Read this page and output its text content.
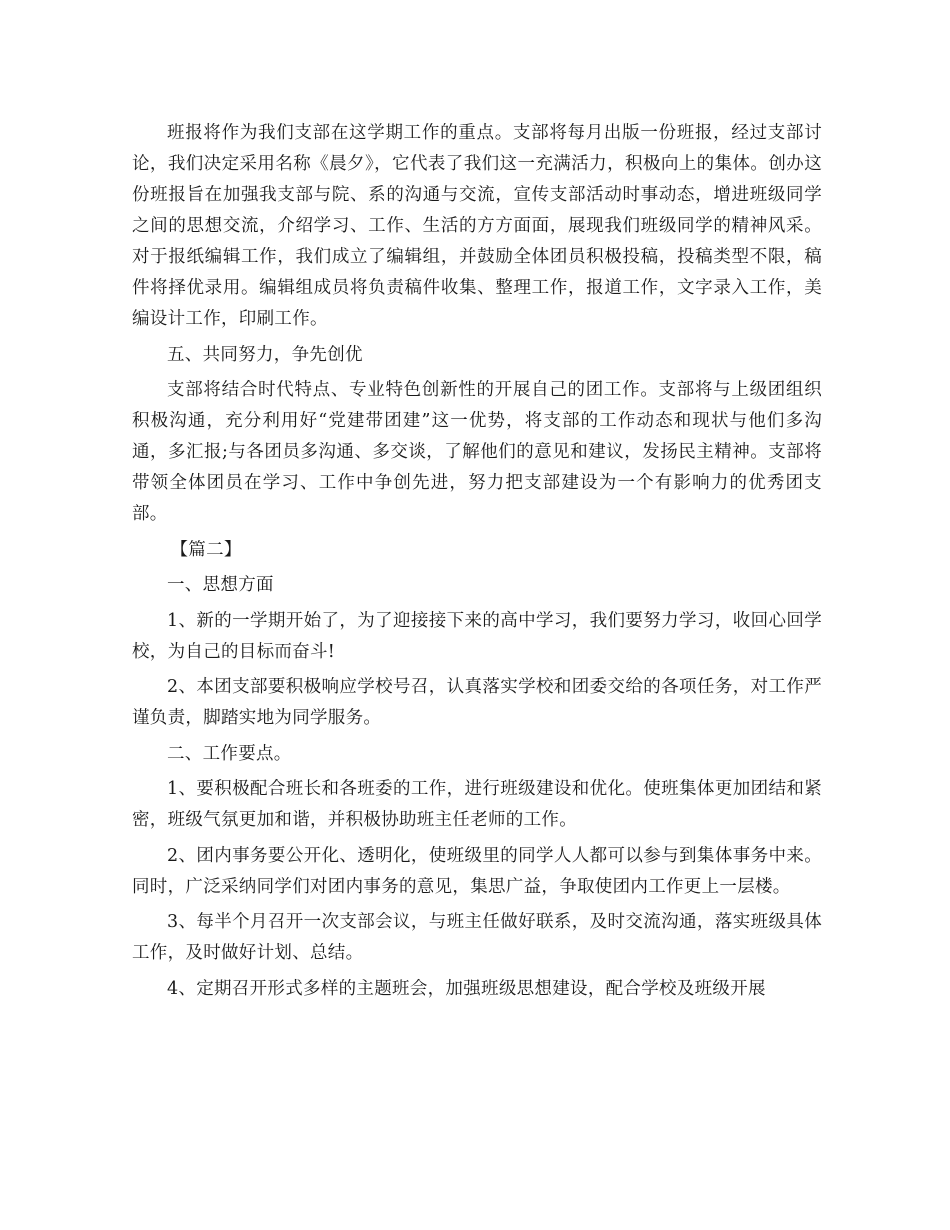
班报将作为我们支部在这学期工作的重点。支部将每月出版一份班报，经过支部讨论，我们决定采用名称《晨夕》，它代表了我们这一充满活力，积极向上的集体。创办这份班报旨在加强我支部与院、系的沟通与交流，宣传支部活动时事动态，增进班级同学之间的思想交流，介绍学习、工作、生活的方方面面，展现我们班级同学的精神风采。对于报纸编辑工作，我们成立了编辑组，并鼓励全体团员积极投稿，投稿类型不限，稿件将择优录用。编辑组成员将负责稿件收集、整理工作，报道工作，文字录入工作，美编设计工作，印刷工作。

五、共同努力，争先创优

支部将结合时代特点、专业特色创新性的开展自己的团工作。支部将与上级团组织积极沟通，充分利用好“党建带团建”这一优势，将支部的工作动态和现状与他们多沟通，多汇报;与各团员多沟通、多交谈，了解他们的意见和建议，发扬民主精神。支部将带领全体团员在学习、工作中争创先进，努力把支部建设为一个有影响力的优秀团支部。

【篇二】

一、思想方面

1、新的一学期开始了，为了迎接接下来的高中学习，我们要努力学习，收回心回学校，为自己的目标而奋斗!

2、本团支部要积极响应学校号召，认真落实学校和团委交给的各项任务，对工作严谨负责，脚踏实地为同学服务。

二、工作要点。

1、要积极配合班长和各班委的工作，进行班级建设和优化。使班集体更加团结和紧密，班级气氛更加和谐，并积极协助班主任老师的工作。

2、团内事务要公开化、透明化，使班级里的同学人人都可以参与到集体事务中来。同时，广泛采纳同学们对团内事务的意见，集思广益，争取使团内工作更上一层楼。

3、每半个月召开一次支部会议，与班主任做好联系，及时交流沟通，落实班级具体工作，及时做好计划、总结。

4、定期召开形式多样的主题班会，加强班级思想建设，配合学校及班级开展
